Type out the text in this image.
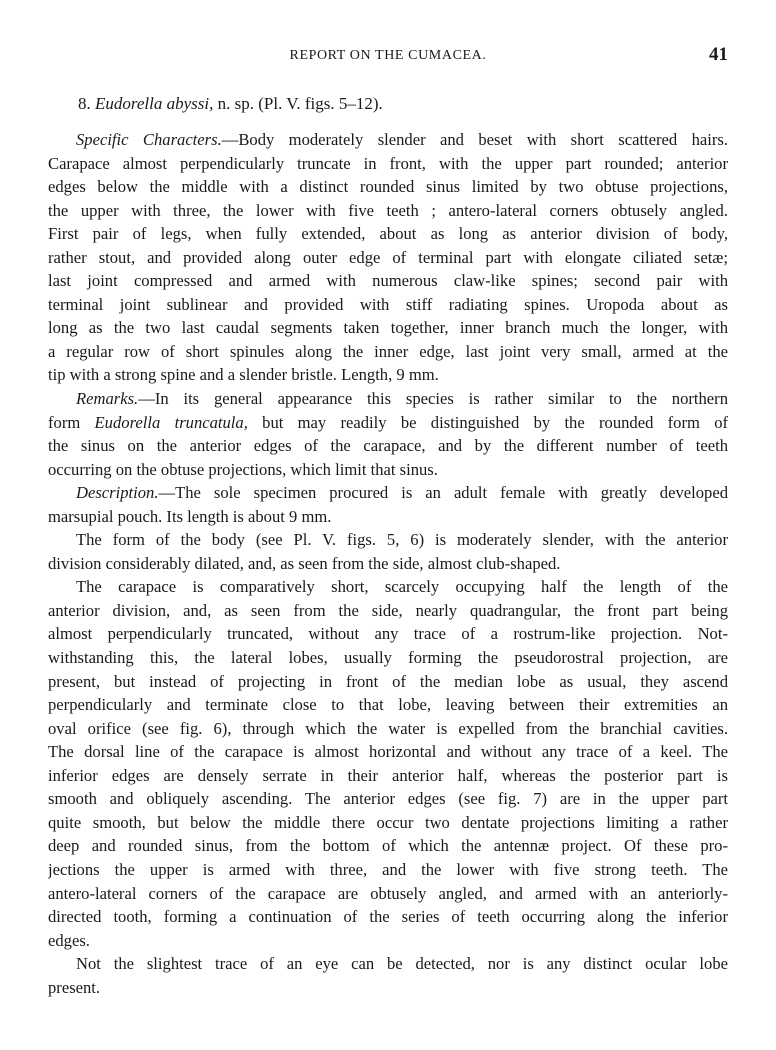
REPORT ON THE CUMACEA.	41
8. Eudorella abyssi, n. sp. (Pl. V. figs. 5–12).
Specific Characters.—Body moderately slender and beset with short scattered hairs.
Carapace almost perpendicularly truncate in front, with the upper part rounded; anterior
edges below the middle with a distinct rounded sinus limited by two obtuse projections,
the upper with three, the lower with five teeth ; antero-lateral corners obtusely angled.
First pair of legs, when fully extended, about as long as anterior division of body,
rather stout, and provided along outer edge of terminal part with elongate ciliated setæ;
last joint compressed and armed with numerous claw-like spines; second pair with
terminal joint sublinear and provided with stiff radiating spines. Uropoda about as
long as the two last caudal segments taken together, inner branch much the longer, with
a regular row of short spinules along the inner edge, last joint very small, armed at the
tip with a strong spine and a slender bristle. Length, 9 mm.
Remarks.—In its general appearance this species is rather similar to the northern
form Eudorella truncatula, but may readily be distinguished by the rounded form of
the sinus on the anterior edges of the carapace, and by the different number of teeth
occurring on the obtuse projections, which limit that sinus.
Description.—The sole specimen procured is an adult female with greatly developed
marsupial pouch. Its length is about 9 mm.
The form of the body (see Pl. V. figs. 5, 6) is moderately slender, with the anterior
division considerably dilated, and, as seen from the side, almost club-shaped.
The carapace is comparatively short, scarcely occupying half the length of the
anterior division, and, as seen from the side, nearly quadrangular, the front part being
almost perpendicularly truncated, without any trace of a rostrum-like projection. Not-
withstanding this, the lateral lobes, usually forming the pseudorostral projection, are
present, but instead of projecting in front of the median lobe as usual, they ascend
perpendicularly and terminate close to that lobe, leaving between their extremities an
oval orifice (see fig. 6), through which the water is expelled from the branchial cavities.
The dorsal line of the carapace is almost horizontal and without any trace of a keel. The
inferior edges are densely serrate in their anterior half, whereas the posterior part is
smooth and obliquely ascending. The anterior edges (see fig. 7) are in the upper part
quite smooth, but below the middle there occur two dentate projections limiting a rather
deep and rounded sinus, from the bottom of which the antennæ project. Of these pro-
jections the upper is armed with three, and the lower with five strong teeth. The
antero-lateral corners of the carapace are obtusely angled, and armed with an anteriorly-
directed tooth, forming a continuation of the series of teeth occurring along the inferior
edges.
Not the slightest trace of an eye can be detected, nor is any distinct ocular lobe
present.
